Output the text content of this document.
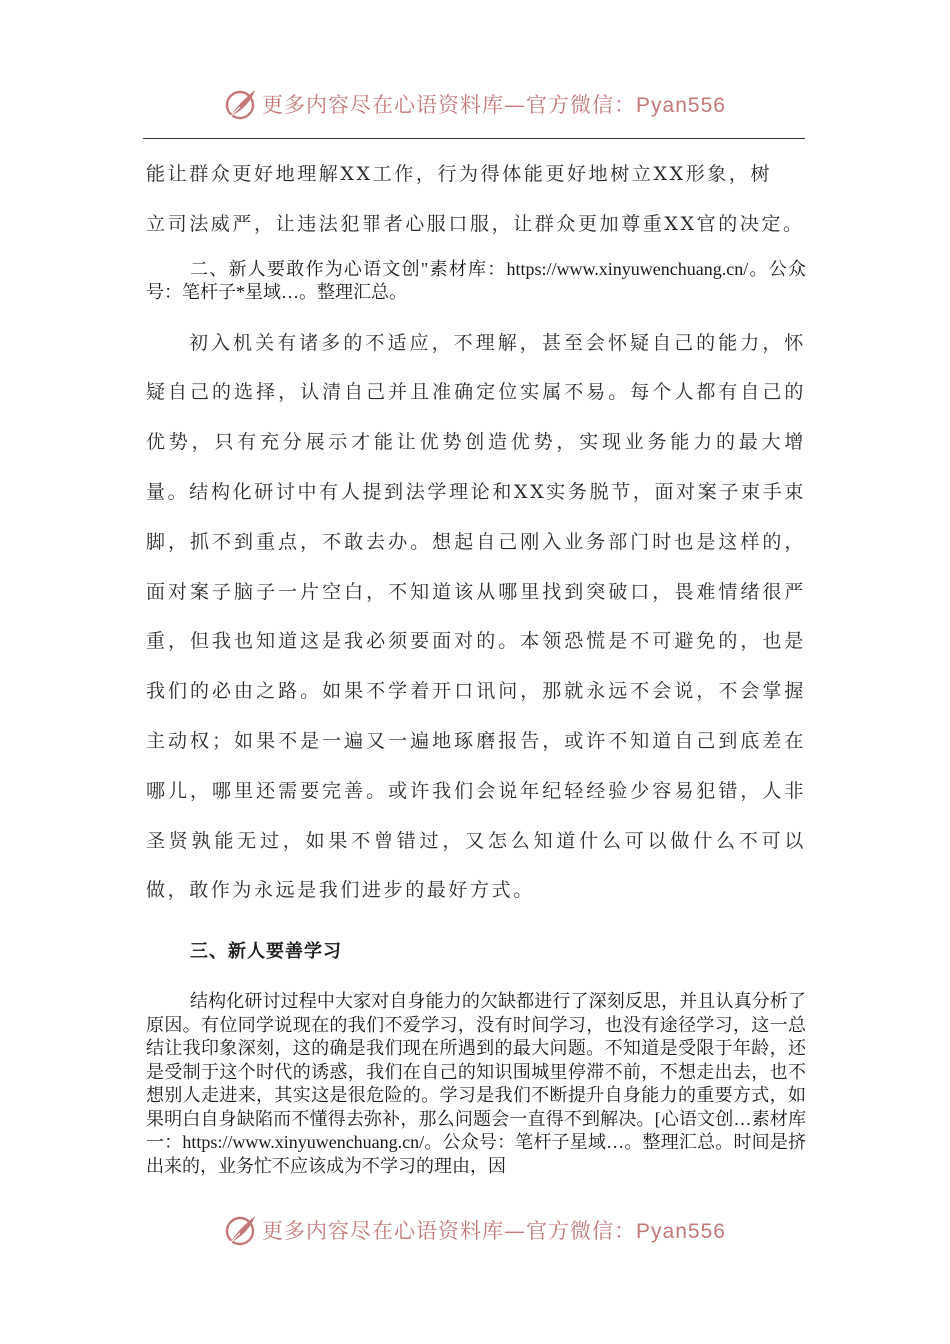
更多内容尽在心语资料库—官方微信：Pyan556

能让群众更好地理解XX工作，行为得体能更好地树立XX形象，树

立司法威严，让违法犯罪者心服口服，让群众更加尊重XX官的决定。

二、新人要敢作为心语文创"素材库：https://www.xinyuwenchuang.cn/。公众号：笔杆子*星域…。整理汇总。

初入机关有诸多的不适应，不理解，甚至会怀疑自己的能力，怀疑自己的选择，认清自己并且准确定位实属不易。每个人都有自己的优势，只有充分展示才能让优势创造优势，实现业务能力的最大增量。结构化研讨中有人提到法学理论和XX实务脱节，面对案子束手束脚，抓不到重点，不敢去办。想起自己刚入业务部门时也是这样的，面对案子脑子一片空白，不知道该从哪里找到突破口，畏难情绪很严重，但我也知道这是我必须要面对的。本领恐慌是不可避免的，也是我们的必由之路。如果不学着开口讯问，那就永远不会说，不会掌握主动权；如果不是一遍又一遍地琢磨报告，或许不知道自己到底差在哪儿，哪里还需要完善。或许我们会说年纪轻经验少容易犯错，人非圣贤孰能无过，如果不曾错过，又怎么知道什么可以做什么不可以做，敢作为永远是我们进步的最好方式。

三、新人要善学习

结构化研讨过程中大家对自身能力的欠缺都进行了深刻反思，并且认真分析了原因。有位同学说现在的我们不爱学习，没有时间学习，也没有途径学习，这一总结让我印象深刻，这的确是我们现在所遇到的最大问题。不知道是受限于年龄，还是受制于这个时代的诱惑，我们在自己的知识围城里停滞不前，不想走出去，也不想别人走进来，其实这是很危险的。学习是我们不断提升自身能力的重要方式，如果明白自身缺陷而不懂得去弥补，那么问题会一直得不到解决。[心语文创…素材库一：https://www.xinyuwenchuang.cn/。公众号：笔杆子星域…。整理汇总。时间是挤出来的，业务忙不应该成为不学习的理由，因

更多内容尽在心语资料库—官方微信：Pyan556
